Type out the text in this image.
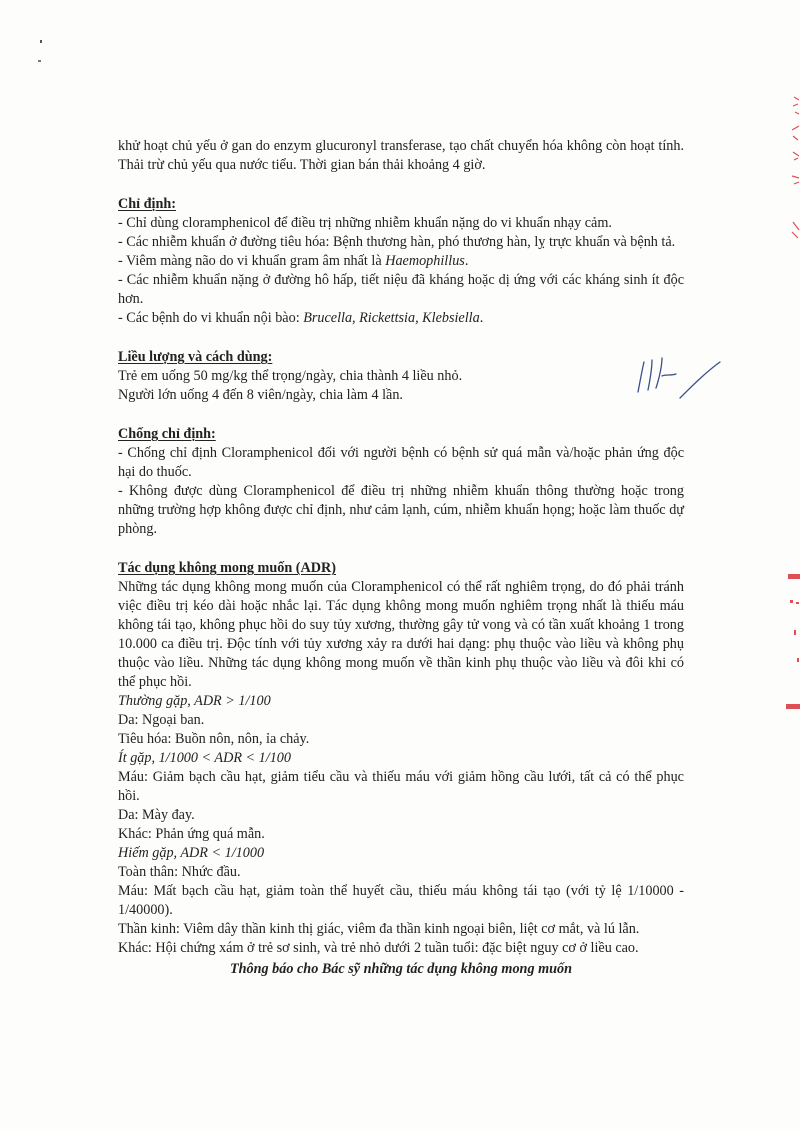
khử hoạt chủ yếu ở gan do enzym glucuronyl transferase, tạo chất chuyển hóa không còn hoạt tính. Thải trừ chủ yếu qua nước tiểu. Thời gian bán thải khoảng 4 giờ.

Chỉ định:

- Chỉ dùng cloramphenicol để điều trị những nhiễm khuẩn nặng do vi khuẩn nhạy cảm.

- Các nhiễm khuẩn ở đường tiêu hóa: Bệnh thương hàn, phó thương hàn, lỵ trực khuẩn và bệnh tả.

- Viêm màng não do vi khuẩn gram âm nhất là Haemophillus.

- Các nhiễm khuẩn nặng ở đường hô hấp, tiết niệu đã kháng hoặc dị ứng với các kháng sinh ít độc hơn.

- Các bệnh do vi khuẩn nội bào: Brucella, Rickettsia, Klebsiella.

Liều lượng và cách dùng:

Trẻ em uống 50 mg/kg thể trọng/ngày, chia thành 4 liều nhỏ.

Người lớn uống 4 đến 8 viên/ngày, chia làm 4 lần.

Chống chỉ định:

- Chống chỉ định Cloramphenicol đối với người bệnh có bệnh sử quá mẫn và/hoặc phản ứng độc hại do thuốc.

- Không được dùng Cloramphenicol để điều trị những nhiễm khuẩn thông thường hoặc trong những trường hợp không được chỉ định, như cảm lạnh, cúm, nhiễm khuẩn họng; hoặc làm thuốc dự phòng.

Tác dụng không mong muốn (ADR)

Những tác dụng không mong muốn của Cloramphenicol có thể rất nghiêm trọng, do đó phải tránh việc điều trị kéo dài hoặc nhắc lại. Tác dụng không mong muốn nghiêm trọng nhất là thiếu máu không tái tạo, không phục hồi do suy tủy xương, thường gây tử vong và có tần xuất khoảng 1 trong 10.000 ca điều trị. Độc tính với tủy xương xảy ra dưới hai dạng: phụ thuộc vào liều và không phụ thuộc vào liều. Những tác dụng không mong muốn về thần kinh phụ thuộc vào liều và đôi khi có thể phục hồi.

Thường gặp, ADR > 1/100

Da: Ngoại ban.

Tiêu hóa: Buồn nôn, nôn, ỉa chảy.

Ít gặp, 1/1000 < ADR < 1/100

Máu: Giảm bạch cầu hạt, giảm tiểu cầu và thiếu máu với giảm hồng cầu lưới, tất cả có thể phục hồi.

Da: Mày đay.

Khác: Phản ứng quá mẫn.

Hiếm gặp, ADR < 1/1000

Toàn thân: Nhức đầu.

Máu: Mất bạch cầu hạt, giảm toàn thể huyết cầu, thiếu máu không tái tạo (với tỷ lệ 1/10000 - 1/40000).

Thần kinh: Viêm dây thần kinh thị giác, viêm đa thần kinh ngoại biên, liệt cơ mắt, và lú lẫn.

Khác: Hội chứng xám ở trẻ sơ sinh, và trẻ nhỏ dưới 2 tuần tuổi: đặc biệt nguy cơ ở liều cao.

Thông báo cho Bác sỹ những tác dụng không mong muốn
